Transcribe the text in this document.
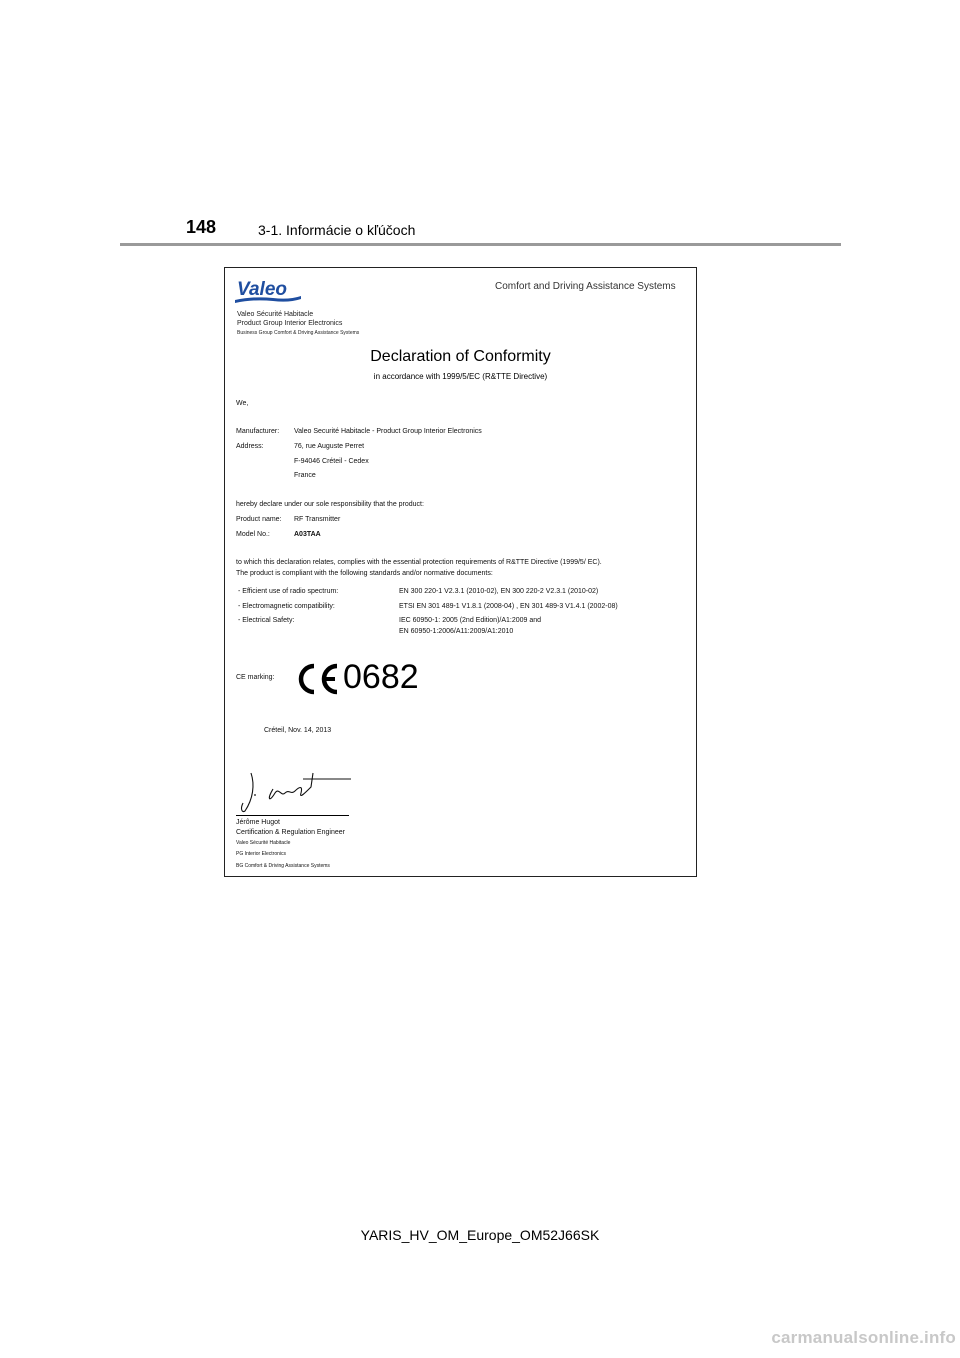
148	3-1. Informácie o kľúčoch
Valeo	Comfort and Driving Assistance Systems
Valeo Sécurité Habitacle
Product Group Interior Electronics
Business Group Comfort & Driving Assistance Systems
Declaration of Conformity
in accordance with 1999/5/EC (R&TTE Directive)
We,
Manufacturer: Valeo Securité Habitacle - Product Group Interior Electronics
Address:	76, rue Auguste Perret
F-94046 Créteil - Cedex
France
hereby declare under our sole responsibility that the product:
Product name: RF Transmitter
Model No.:	A03TAA
to which this declaration relates, complies with the essential protection requirements of R&TTE Directive (1999/5/ EC).
The product is compliant with the following standards and/or normative documents:
- Efficient use of radio spectrum:	EN 300 220-1 V2.3.1 (2010-02), EN 300 220-2 V2.3.1 (2010-02)
- Electromagnetic compatibility:	ETSI EN 301 489-1 V1.8.1 (2008-04) , EN 301 489-3 V1.4.1 (2002-08)
- Electrical Safety:	IEC 60950-1: 2005 (2nd Edition)/A1:2009 and
EN 60950-1:2006/A11:2009/A1:2010
CE marking: 0682
Créteil, Nov. 14, 2013
Jérôme Hugot
Certification & Regulation Engineer
Valeo Sécurité Habitacle
PG Interior Electronics
BG Comfort & Driving Assistance Systems
YARIS_HV_OM_Europe_OM52J66SK
carmanualsonline.info
